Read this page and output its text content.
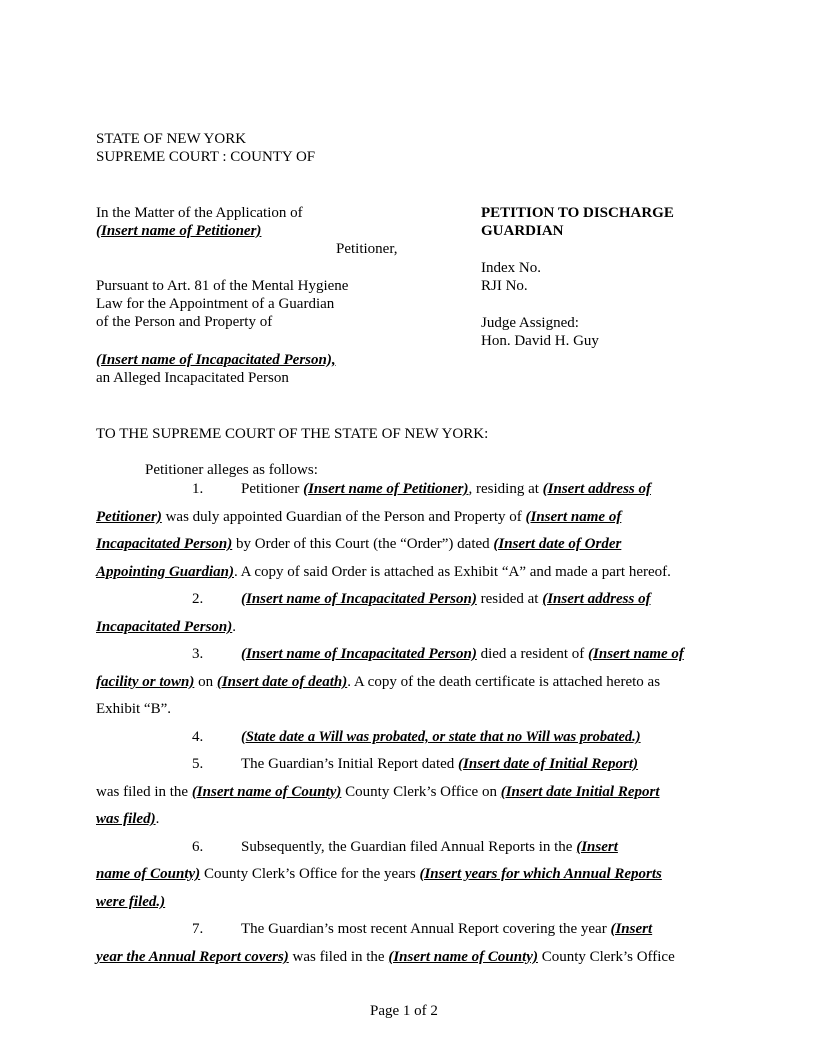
STATE OF NEW YORK
SUPREME COURT : COUNTY OF
In the Matter of the Application of
(Insert name of Petitioner)
Petitioner,
Pursuant to Art. 81 of the Mental Hygiene
Law for the Appointment of a Guardian
of the Person and Property of
(Insert name of Incapacitated Person),
an Alleged Incapacitated Person
PETITION TO DISCHARGE
GUARDIAN
Index No.
RJI No.
Judge Assigned:
Hon. David H. Guy
TO THE SUPREME COURT OF THE STATE OF NEW YORK:
Petitioner alleges as follows:
1.	Petitioner (Insert name of Petitioner), residing at (Insert address of
Petitioner) was duly appointed Guardian of the Person and Property of (Insert name of
Incapacitated Person) by Order of this Court (the “Order”) dated (Insert date of Order
Appointing Guardian). A copy of said Order is attached as Exhibit “A” and made a part hereof.
2.	(Insert name of Incapacitated Person) resided at (Insert address of
Incapacitated Person).
3.	(Insert name of Incapacitated Person) died a resident of (Insert name of
facility or town) on (Insert date of death). A copy of the death certificate is attached hereto as
Exhibit “B”.
4.	(State date a Will was probated, or state that no Will was probated.)
5.	The Guardian’s Initial Report dated (Insert date of Initial Report)
was filed in the (Insert name of County) County Clerk’s Office on (Insert date Initial Report
was filed).
6.	Subsequently, the Guardian filed Annual Reports in the (Insert
name of County) County Clerk’s Office for the years (Insert years for which Annual Reports
were filed.)
7.	The Guardian’s most recent Annual Report covering the year (Insert
year the Annual Report covers) was filed in the (Insert name of County) County Clerk’s Office
Page 1 of 2
